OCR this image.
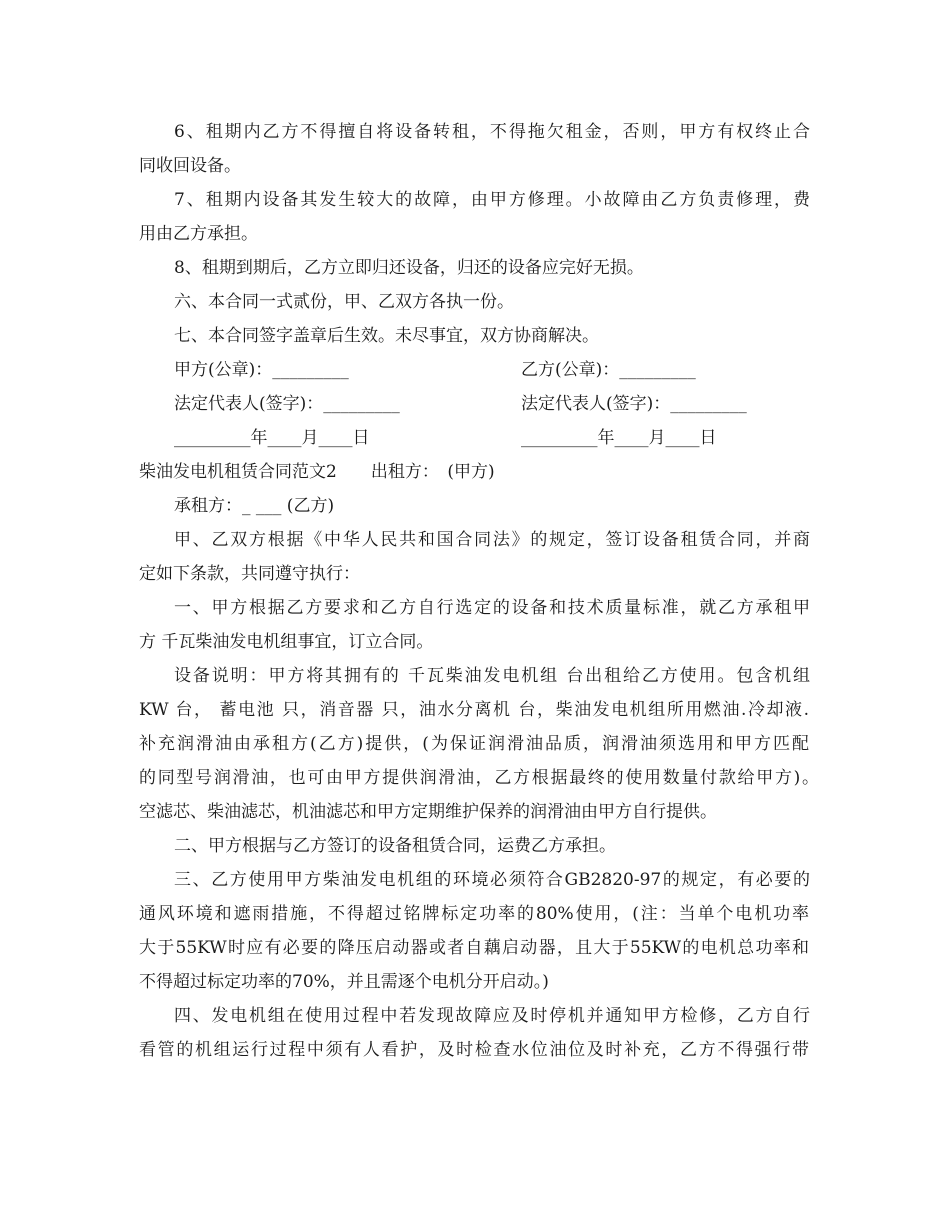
6、租期内乙方不得擅自将设备转租，不得拖欠租金，否则，甲方有权终止合
同收回设备。
7、租期内设备其发生较大的故障，由甲方修理。小故障由乙方负责修理，费
用由乙方承担。
8、租期到期后，乙方立即归还设备，归还的设备应完好无损。
六、本合同一式贰份，甲、乙双方各执一份。
七、本合同签字盖章后生效。未尽事宜，双方协商解决。
甲方(公章)：_________	乙方(公章)：_________
法定代表人(签字)：_________	法定代表人(签字)：_________
_________年____月____日	_________年____月____日
柴油发电机租赁合同范文2　　出租方：　(甲方)
承租方：_ ___ (乙方)
甲、乙双方根据《中华人民共和国合同法》的规定，签订设备租赁合同，并商
定如下条款，共同遵守执行：
一、甲方根据乙方要求和乙方自行选定的设备和技术质量标准，就乙方承租甲
方 千瓦柴油发电机组事宜，订立合同。
设备说明：甲方将其拥有的 千瓦柴油发电机组 台出租给乙方使用。包含机组
KW 台， 蓄电池 只，消音器 只，油水分离机 台，柴油发电机组所用燃油.冷却液.
补充润滑油由承租方(乙方)提供，(为保证润滑油品质，润滑油须选用和甲方匹配
的同型号润滑油，也可由甲方提供润滑油，乙方根据最终的使用数量付款给甲方)。
空滤芯、柴油滤芯，机油滤芯和甲方定期维护保养的润滑油由甲方自行提供。
二、甲方根据与乙方签订的设备租赁合同，运费乙方承担。
三、乙方使用甲方柴油发电机组的环境必须符合GB2820-97的规定，有必要的
通风环境和遮雨措施，不得超过铭牌标定功率的80%使用，(注：当单个电机功率
大于55KW时应有必要的降压启动器或者自藕启动器，且大于55KW的电机总功率和
不得超过标定功率的70%，并且需逐个电机分开启动。)
四、发电机组在使用过程中若发现故障应及时停机并通知甲方检修，乙方自行
看管的机组运行过程中须有人看护，及时检查水位油位及时补充，乙方不得强行带
